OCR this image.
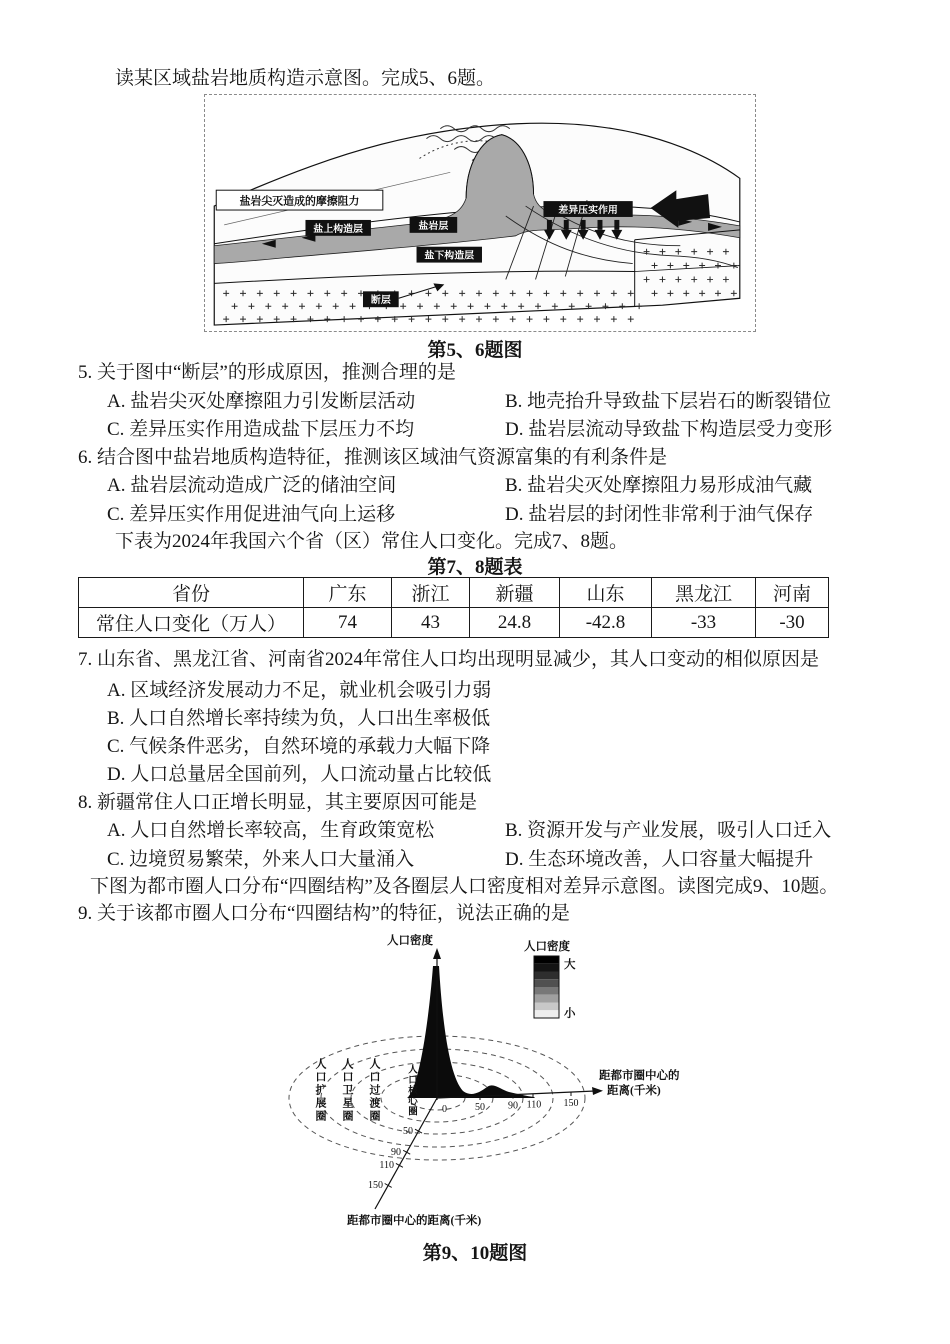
读某区域盐岩地质构造示意图。完成5、6题。
盐岩尖灭造成的摩擦阻力
盐上构造层	盐岩层
差异压实作用
盐下构造层
断层
第5、6题图
5. 关于图中“断层”的形成原因，推测合理的是
A. 盐岩尖灭处摩擦阻力引发断层活动	B. 地壳抬升导致盐下层岩石的断裂错位
C. 差异压实作用造成盐下层压力不均	D. 盐岩层流动导致盐下构造层受力变形
6. 结合图中盐岩地质构造特征，推测该区域油气资源富集的有利条件是
A. 盐岩层流动造成广泛的储油空间	B. 盐岩尖灭处摩擦阻力易形成油气藏
C. 差异压实作用促进油气向上运移	D. 盐岩层的封闭性非常利于油气保存
下表为2024年我国六个省（区）常住人口变化。完成7、8题。
第7、8题表
省份	广东	浙江	新疆	山东	黑龙江	河南
常住人口变化（万人）	74	43	24.8	-42.8	-33	-30
7. 山东省、黑龙江省、河南省2024年常住人口均出现明显减少，其人口变动的相似原因是
A. 区域经济发展动力不足，就业机会吸引力弱
B. 人口自然增长率持续为负，人口出生率极低
C. 气候条件恶劣，自然环境的承载力大幅下降
D. 人口总量居全国前列，人口流动量占比较低
8. 新疆常住人口正增长明显，其主要原因可能是
A. 人口自然增长率较高，生育政策宽松	B. 资源开发与产业发展，吸引人口迁入
C. 边境贸易繁荣，外来人口大量涌入	D. 生态环境改善，人口容量大幅提升
下图为都市圈人口分布“四圈结构”及各圈层人口密度相对差异示意图。读图完成9、10题。
9. 关于该都市圈人口分布“四圈结构”的特征，说法正确的是
0	50 90 110 150
50
90
110
150
人口密度
距都市圈中心的
距离(千米)
距都市圈中心的距离(千米)
人口密度
大
小
人口扩展圈 人口卫星圈 人口过渡圈	人口核心圈
第9、10题图
